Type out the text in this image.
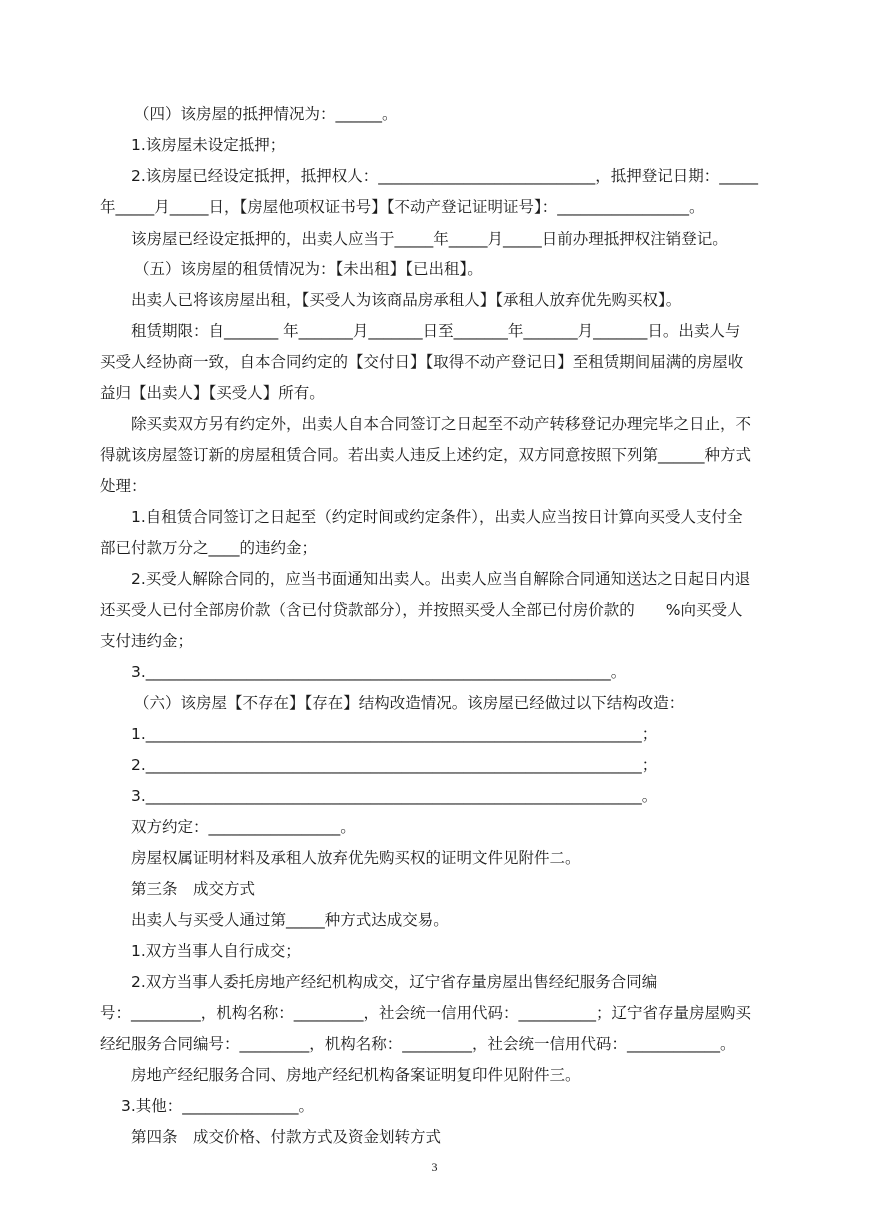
（四）该房屋的抵押情况为：______。
1.该房屋未设定抵押；
2.该房屋已经设定抵押，抵押权人：____________________________，抵押登记日期：_____
年_____月_____日，【房屋他项权证书号】【不动产登记证明证号】：_________________。
该房屋已经设定抵押的，出卖人应当于_____年_____月_____日前办理抵押权注销登记。
（五）该房屋的租赁情况为：【未出租】【已出租】。
出卖人已将该房屋出租，【买受人为该商品房承租人】【承租人放弃优先购买权】。
租赁期限：自_______ 年_______月_______日至_______年_______月_______日。出卖人与
买受人经协商一致，自本合同约定的【交付日】【取得不动产登记日】至租赁期间届满的房屋收
益归【出卖人】【买受人】所有。
除买卖双方另有约定外，出卖人自本合同签订之日起至不动产转移登记办理完毕之日止，不
得就该房屋签订新的房屋租赁合同。若出卖人违反上述约定，双方同意按照下列第______种方式
处理：
1.自租赁合同签订之日起至（约定时间或约定条件），出卖人应当按日计算向买受人支付全
部已付款万分之____的违约金；
2.买受人解除合同的，应当书面通知出卖人。出卖人应当自解除合同通知送达之日起日内退
还买受人已付全部房价款（含已付贷款部分），并按照买受人全部已付房价款的　　%向买受人
支付违约金；
3.____________________________________________________________。
（六）该房屋【不存在】【存在】结构改造情况。该房屋已经做过以下结构改造：
1.________________________________________________________________；
2.________________________________________________________________；
3.________________________________________________________________。
双方约定：_________________。
房屋权属证明材料及承租人放弃优先购买权的证明文件见附件二。
第三条　成交方式
出卖人与买受人通过第_____种方式达成交易。
1.双方当事人自行成交；
2.双方当事人委托房地产经纪机构成交，辽宁省存量房屋出售经纪服务合同编
号：_________，机构名称：_________，社会统一信用代码：__________；辽宁省存量房屋购买
经纪服务合同编号：_________，机构名称：_________，社会统一信用代码：____________。
房地产经纪服务合同、房地产经纪机构备案证明复印件见附件三。
3.其他：_______________。
第四条　成交价格、付款方式及资金划转方式
3
